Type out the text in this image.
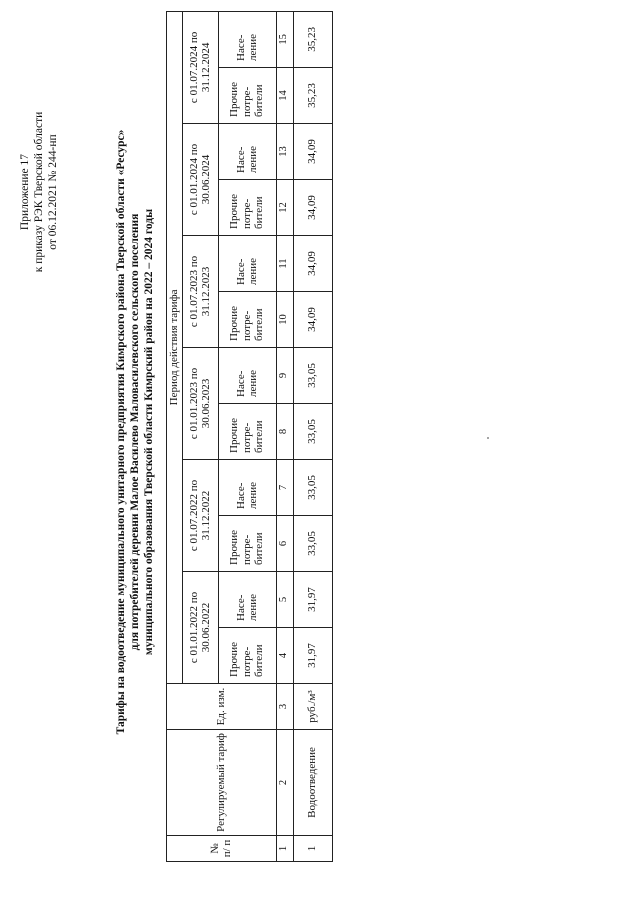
Приложение 17 к приказу РЭК Тверской области от 06.12.2021 № 244-нп	Тарифы на водоотведение муниципального унитарного предприятия Кимрского района Тверской области «Ресурс» для потребителей деревни Малое Василево Маловасилевского сельского поселения муниципального образования Тверской области Кимрский район на 2022 – 2024 годы
№ п/ п	Регулируемый тариф	Ед. изм.	Период действия тарифа											
			с 01.01.2022 по 30.06.2022		с 01.07.2022 по 31.12.2022		с 01.01.2023 по 30.06.2023		с 01.07.2023 по 31.12.2023		с 01.01.2024 по 30.06.2024		с 01.07.2024 по 31.12.2024	
			Прочие потре- бители	Насе- ление	Прочие потре- бители	Насе- ление	Прочие потре- бители	Насе- ление	Прочие потре- бители	Насе- ление	Прочие потре- бители	Насе- ление	Прочие потре- бители	Насе- ление
1	2	3	4	5	6	7	8	9	10	11	12	13	14	15
1	Водоотведение	руб./м³	31,97	31,97	33,05	33,05	33,05	33,05	34,09	34,09	34,09	34,09	35,23	35,23
